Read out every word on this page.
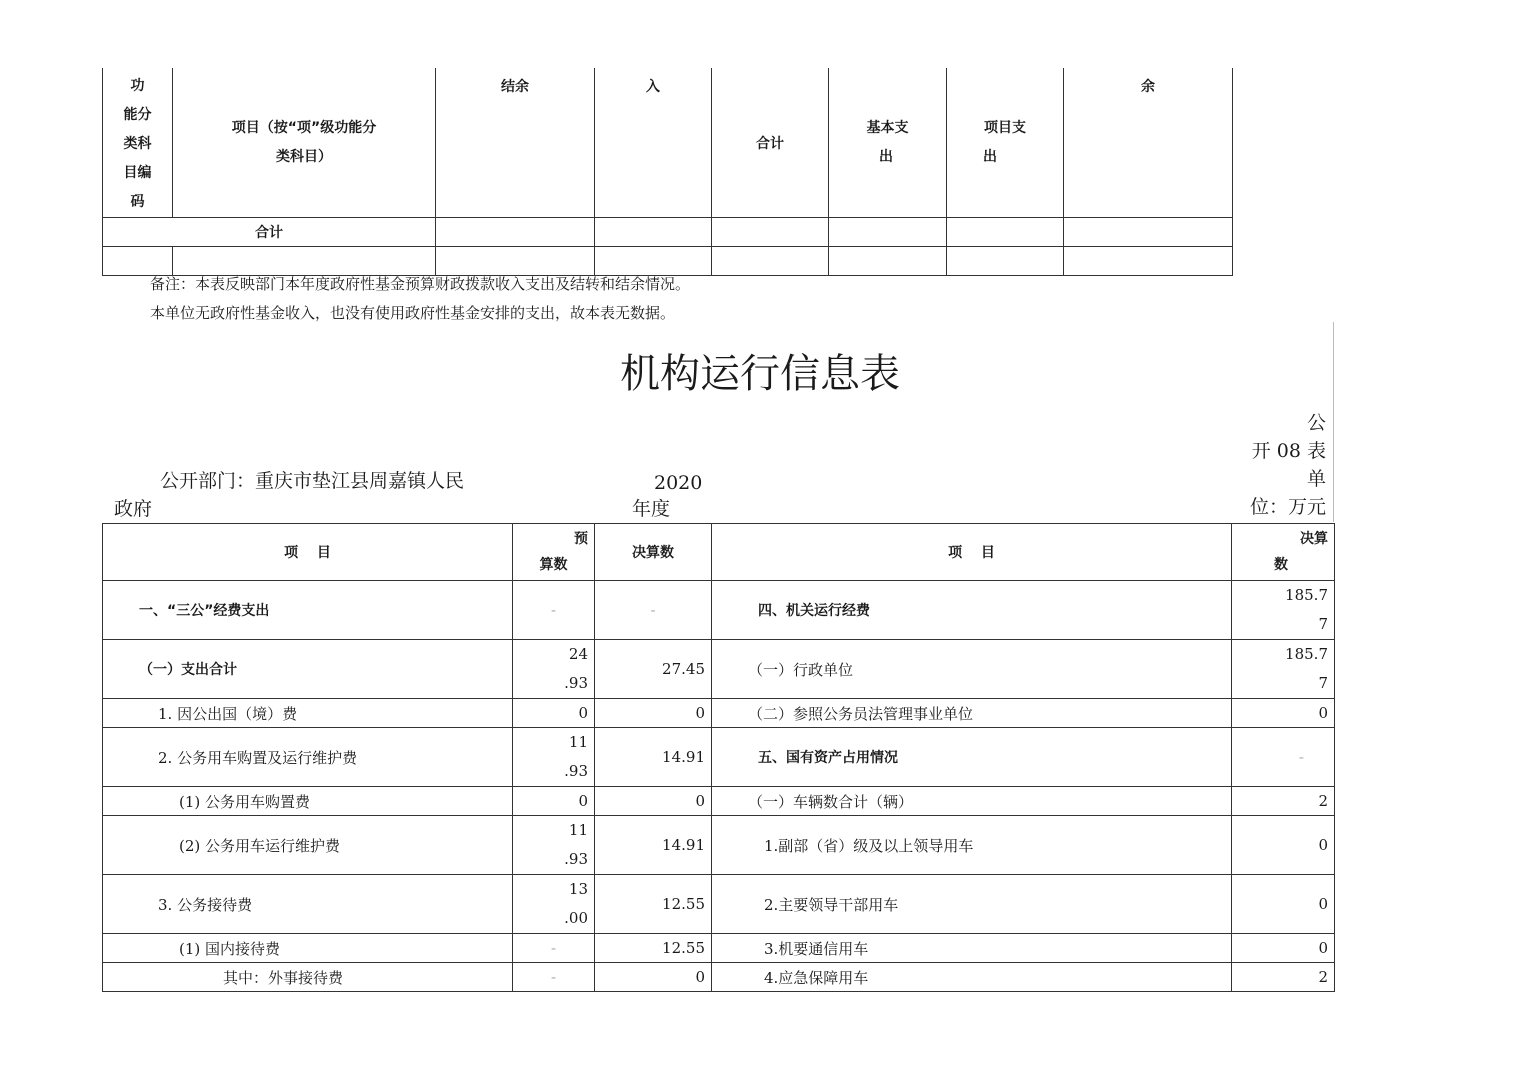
功
能分
类科
目编
码	项目（按“项”级功能分
类科目）	结余	入	合计	基本支
出	项目支
出	余
合计							

备注：本表反映部门本年度政府性基金预算财政拨款收入支出及结转和结余情况。
本单位无政府性基金收入，也没有使用政府性基金安排的支出，故本表无数据。
机构运行信息表
公开部门：重庆市垫江县周嘉镇人民
政府
2020
年度
公
开 08 表
单
位：万元
项　 目	预
算数	决算数	项　 目	决算
数

一、“三公”经费支出	-	-	四、机关运行经费	185.7
7

（一）支出合计	24
.93	27.45	（一）行政单位	185.7
7

1. 因公出国（境）费	0	0	（二）参照公务员法管理事业单位	0
2. 公务用车购置及运行维护费	11
.93	14.91	五、国有资产占用情况	-
(1) 公务用车购置费	0	0	（一）车辆数合计（辆）	2
(2) 公务用车运行维护费	11
.93	14.91	1.副部（省）级及以上领导用车	0
3. 公务接待费	13
.00	12.55	2.主要领导干部用车	0
(1) 国内接待费	-	12.55	3.机要通信用车	0
其中：外事接待费	-	0	4.应急保障用车	2
